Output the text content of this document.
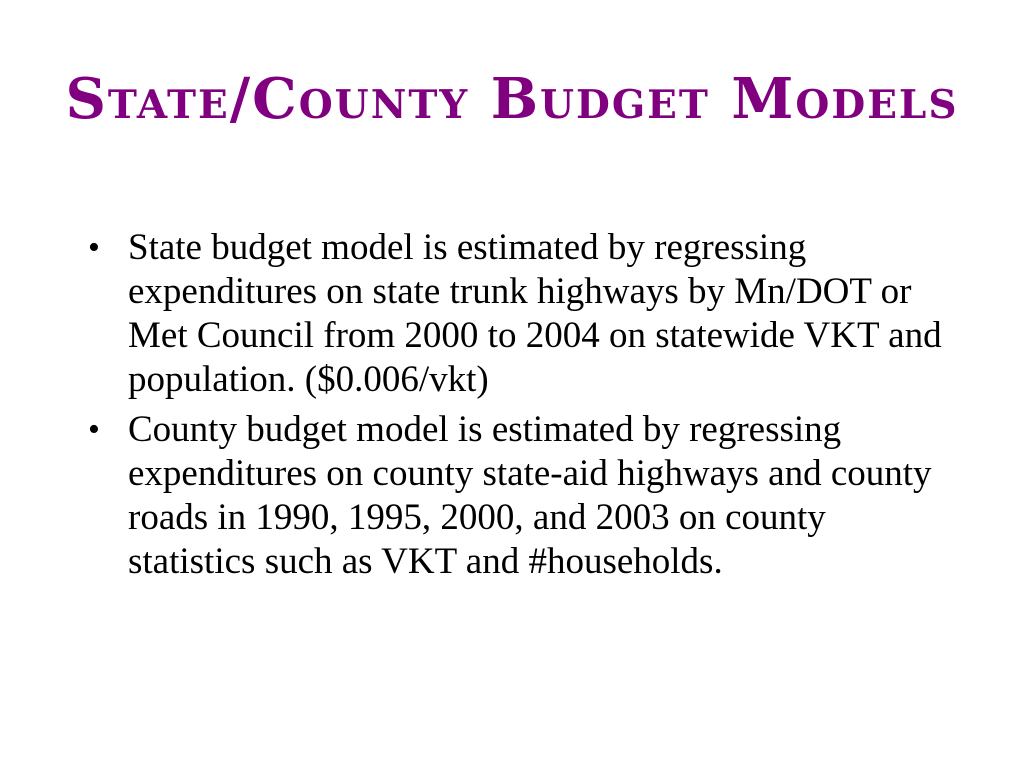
State/County Budget Models
• State budget model is estimated by regressing expenditures on state trunk highways by Mn/DOT or Met Council from 2000 to 2004 on statewide VKT and population. ($0.006/vkt)
• County budget model is estimated by regressing expenditures on county state-aid highways and county roads in 1990, 1995, 2000, and 2003 on county statistics such as VKT and #households.
